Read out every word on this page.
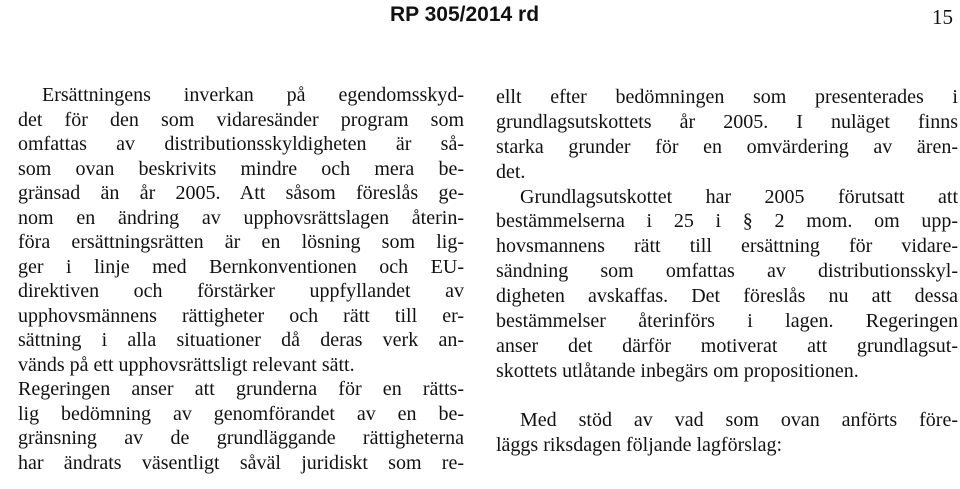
RP 305/2014 rd	15
Ersättningens inverkan på egendomsskyd-
det för den som vidaresänder program som
omfattas av distributionsskyldigheten är så-
som ovan beskrivits mindre och mera be-
gränsad än år 2005. Att såsom föreslås ge-
nom en ändring av upphovsrättslagen återin-
föra ersättningsrätten är en lösning som lig-
ger i linje med Bernkonventionen och EU-
direktiven och förstärker uppfyllandet av
upphovsmännens rättigheter och rätt till er-
sättning i alla situationer då deras verk an-
vänds på ett upphovsrättsligt relevant sätt.
Regeringen anser att grunderna för en rätts-
lig bedömning av genomförandet av en be-
gränsning av de grundläggande rättigheterna
har ändrats väsentligt såväl juridiskt som re-
ellt efter bedömningen som presenterades i
grundlagsutskottets år 2005. I nuläget finns
starka grunder för en omvärdering av ären-
det.
Grundlagsutskottet har 2005 förutsatt att
bestämmelserna i 25 i § 2 mom. om upp-
hovsmannens rätt till ersättning för vidare-
sändning som omfattas av distributionsskyl-
digheten avskaffas. Det föreslås nu att dessa
bestämmelser återinförs i lagen. Regeringen
anser det därför motiverat att grundlagsut-
skottets utlåtande inbegärs om propositionen.
Med stöd av vad som ovan anförts före-
läggs riksdagen följande lagförslag:
